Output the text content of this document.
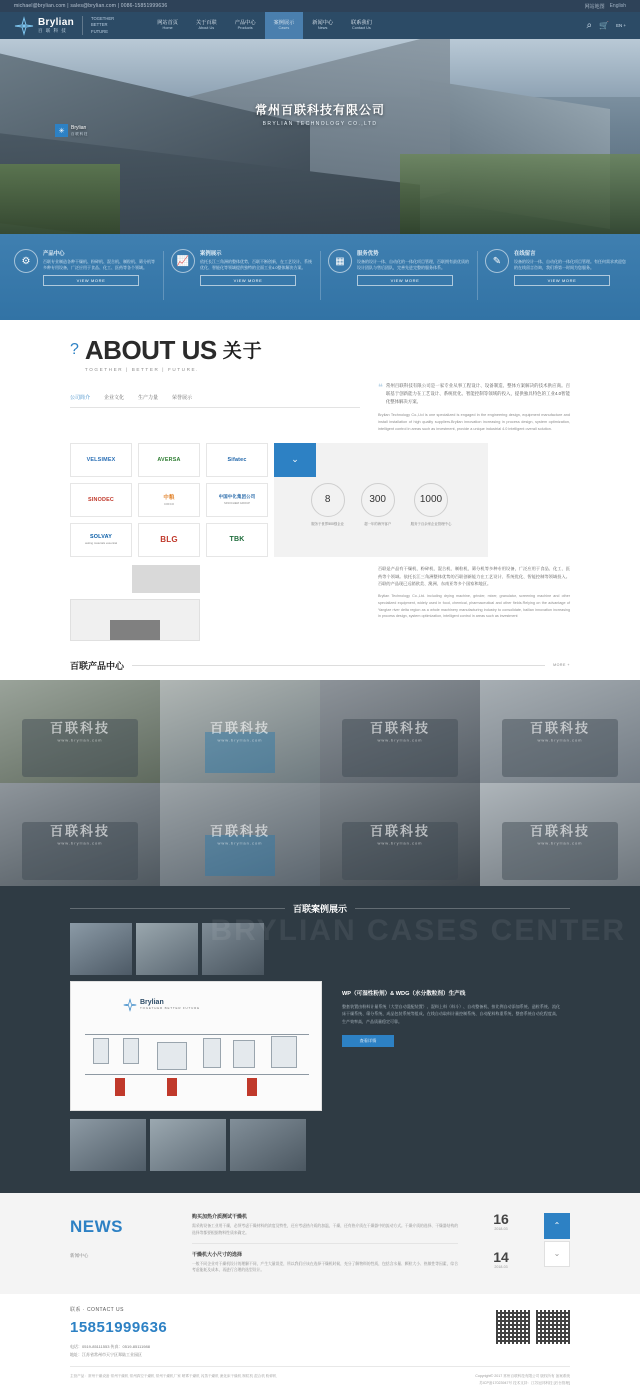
michael@brylian.com | sales@brylian.com | 0086-15851999636	网站地图 English
Brylian
百 联 科 技
TOGETHER
BETTER
FUTURE
网站首页
Home
关于百联
About Us
产品中心
Products
案例展示
Cases
新闻中心
News
联系我们
Contact Us	⌕ 🛒 EN +
✳	Brylian
百 联 科 技
常州百联科技有限公司
BRYLIAN TECHNOLOGY CO.,LTD
⚙
产品中心
百联专业制造各种干燥机、粉碎机、混合机、制粒机、筛分机等多种专用设备，广泛应用于食品、化工、医药等各个领域。
VIEW MORE
📈
案例展示
依托长江三角洲的整体优势，百联不断创新，在工艺设计、系统优化、智能化等领域提供独特的全面工业4.0整体解决方案。
VIEW MORE
▦
服务优势
设备的设计一体、自动化的一体化项目管理，百联拥有最优质的设计团队与售后团队，完善先进完整的服务体系。
VIEW MORE
✎
在线留言
设备的设计一体、自动化的一体化项目管理。有任何需求欢迎您的在线留言咨询，我们将第一时间为您服务。
VIEW MORE
? ABOUT US 关于
TOGETHER | BETTER | FUTURE.
公司简介	企业文化	生产力量	荣誉展示
❝ 常州百联科技有限公司是一家专业从事工程设计、设备制造、整体方案解决的技术供应商。百联基于创新能力在工艺设计、系统优化、智能控制等领域的投入，提供独具特色的工业4.0智能化整体解决方案。

Brylian Technology Co.,Ltd is one specialized is engaged in the engineering design, equipment manufacture and install installation of high quality suppliers.Brylian innovation increasing in process design, system optimization, intelligent control in areas such as investment, provide a unique industrial 4.0 intelligent overall solution.

VELSIMEX	AVERSA	Sifatec
SINODEC	中粮
COFCO
中国中化集团公司
SINOCHEM GROUP
SOLVAY
asking materials essential	BLG	TBK
⌄
8
服务于世界500强企业
300
超一年的海外客户
1000
服务于百余家企业管理中心

百联是产品有干燥机、粉碎机、混合机、制粒机、筛分机等多种专用设备，广泛应用于食品、化工、医药等个领域。依托长江三角洲整体优势的百联创新能力在工艺设计、系统优化、智能控制等领域投入。百联的产品现已远销欧美、澳洲、东南亚等多个国家和地区。

Brylian Technology Co.,Ltd. including drying machine, grinder, mixer, granulator, screening machine and other specialized equipment, widely used in food, chemical, pharmaceutical and other fields.Relying on the advantage of Yangtze river delta region as a whole machinery manufacturing industry to consolidate, bailian innovation increasing in process design, system optimization, intelligent control in areas such as investment

百联产品中心	MORE +
百联科技
www.brylian.com
百联科技
www.brylian.com
百联科技
www.brylian.com
百联科技
www.brylian.com
百联科技
www.brylian.com
百联科技
www.brylian.com
百联科技
www.brylian.com
百联科技
www.brylian.com
BRYLIAN CASES CENTER
百联案例展示
Brylian
TOGETHER BETTER FUTURE
WP（可湿性粉剂）& WDG（水分散粒剂）生产线

整套装置由粉料计量系统（大型自动混配装置）、混料上料（料斗）、自动整备机、按比例自动添加系统、造粒系统、流化床干燥系统、筛分系统、成品包装系统等组成。在线自动取料计量控制系统、自动配料称重系统，整套系统自动化程度高，生产效率高，产品质量稳定可靠。

查看详情
NEWS
新闻中心
购买加热介质测试干燥机
需采购设备工业用干燥，必须考虑干燥材料的浓度及特性，还应考虑热介质的加温，干燥，还有热介质在干燥器中的流动方式。干燥介质的选择、干燥器结构的选择等都要根据物料性质来确定。
干燥机大小尺寸的选择
一般不同企业对干燥机设计的理解不同，产生大量误差，所以我们应该在选择干燥机时候，充分了解物料的性质，包括含水量、颗粒大小、热敏性等因素，综合考虑能耗及成本，再进行合理的选型设计。
16
2018-03
14
2018-03
⌃
⌄
联系 · CONTACT US
15851999636
电话：0519-85111553 传真：0519-85111988
地址：江苏省常州市天宁区郑陆工业园区
主营产品：常州干燥设备 常州干燥机 常州真空干燥机 常州干燥机厂家 喷雾干燥机 闪蒸干燥机 流化床干燥机 制粒机 混合机 粉碎机	Copyright© 2017 常州百联科技有限公司 版权所有 备案系统
苏ICP备17023947号 技术支持：江苏冠邦科技 [后台管理]
